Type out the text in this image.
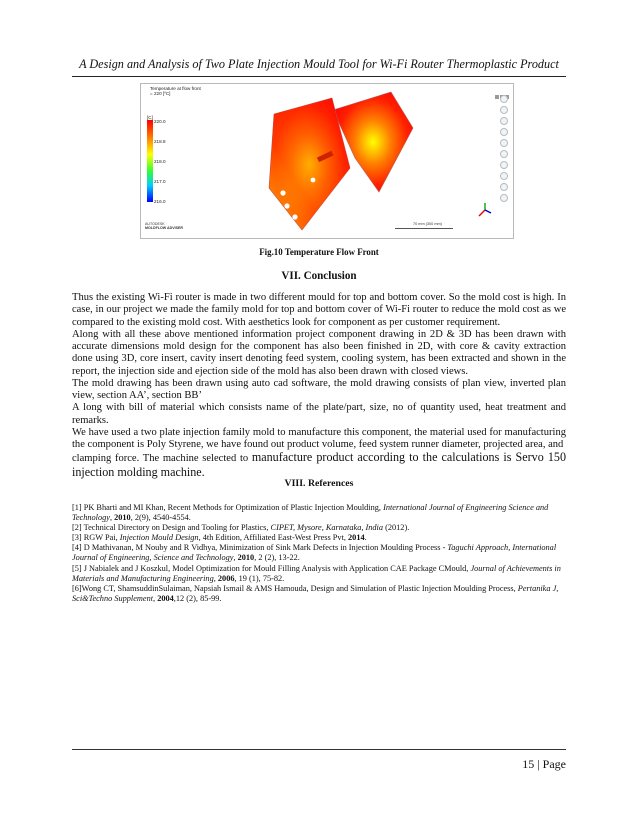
A Design and Analysis of Two Plate Injection Mould Tool for Wi-Fi Router Thermoplastic Product
Temperature at flow front
= 220 [ºC]
[C]
220.0
218.8
218.0
217.0
216.0
AUTODESK
MOLDFLOW ADVISER
70 mm (300 mm)
Fig.10 Temperature Flow Front
VII. Conclusion

Thus the existing Wi-Fi router is made in two different mould for top and bottom cover. So the mold cost is high. In case, in our project we made the family mold for top and bottom cover of Wi-Fi router to reduce the mold cost as we compared to the existing mold cost. With aesthetics look for component as per customer requirement.

Along with all these above mentioned information project component drawing in 2D & 3D has been drawn with accurate dimensions mold design for the component has also been finished in 2D, with core & cavity extraction done using 3D, core insert, cavity insert denoting feed system, cooling system, has been extracted and shown in the report, the injection side and ejection side of the mold has also been drawn with closed views.

The mold drawing has been drawn using auto cad software, the mold drawing consists of plan view, inverted plan view, section AA’, section BB’

A long with bill of material which consists name of the plate/part, size, no of quantity used, heat treatment and remarks.

We have used a two plate injection family mold to manufacture this component, the material used for manufacturing the component is Poly Styrene, we have found out product volume, feed system runner diameter, projected area, and

clamping force. The machine selected to manufacture product according to the calculations is Servo 150 injection molding machine.

VIII. References

[1] PK Bharti and MI Khan, Recent Methods for Optimization of Plastic Injection Moulding, International Journal of Engineering Science and Technology, 2010, 2(9), 4540-4554.

[2] Technical Directory on Design and Tooling for Plastics, CIPET, Mysore, Karnataka, India (2012).

[3] RGW Pai, Injection Mould Design, 4th Edition, Affiliated East-West Press Pvt, 2014.

[4] D Mathivanan, M Nouby and R Vidhya, Minimization of Sink Mark Defects in Injection Moulding Process - Taguchi Approach, International Journal of Engineering, Science and Technology, 2010, 2 (2), 13-22.

[5] J Nabialek and J Koszkul, Model Optimization for Mould Filling Analysis with Application CAE Package CMould, Journal of Achievements in Materials and Manufacturing Engineering, 2006, 19 (1), 75-82.

[6]Wong CT, ShamsuddinSulaiman, Napsiah Ismail & AMS Hamouda, Design and Simulation of Plastic Injection Moulding Process, Pertanika J, Sci&Techno Supplement, 2004,12 (2), 85-99.

15 | Page
